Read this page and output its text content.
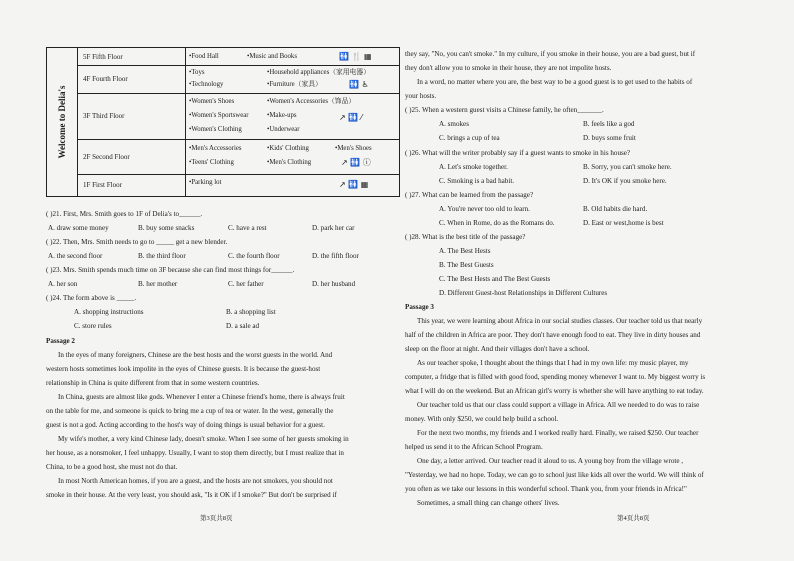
Welcome to Delia's
5F Fifth Floor	•Food Hall	•Music and Books	🚻 🍴 ▦
4F Fourth Floor
•Toys	•Household appliances（家用电器）
•Technology	•Furniture（家具）	🚻 ♿
3F Third Floor
•Women's Shoes	•Women's Accessories（饰品）
•Women's Sportswear	•Make-ups
•Women's Clothing	•Underwear
↗ 🚻 ⁄
2F Second Floor
•Men's Accessories	•Kids' Clothing	•Men's Shoes
•Teens' Clothing	•Men's Clothing	↗ 🚻 ⓘ
1F First Floor	•Parking lot	↗ 🚻 ▦
( )21. First, Mrs. Smith goes to 1F of Delia's to______.
A. draw some money	B. buy some snacks	C. have a rest	D. park her car
( )22. Then, Mrs. Smith needs to go to _____ get a new blender.
A. the second floor	B. the third floor	C. the fourth floor	D. the fifth floor
( )23. Mrs. Smith spends much time on 3F because she can find most things for______.
A. her son	B. her mother	C. her father	D. her husband
( )24. The form above is _____.
A. shopping instructions	B. a shopping list
C. store rules	D. a sale ad
Passage 2
In the eyes of many foreigners, Chinese are the best hosts and the worst guests in the world. And
western hosts sometimes look impolite in the eyes of Chinese guests. It is because the guest-host
relationship in China is quite different from that in some western countries.
In China, guests are almost like gods. Whenever I enter a Chinese friend's home, there is always fruit
on the table for me, and someone is quick to bring me a cup of tea or water. In the west, generally the
guest is not a god. Acting according to the host's way of doing things is usual behavior for a guest.
My wife's mother, a very kind Chinese lady, doesn't smoke. When I see some of her guests smoking in
her house, as a nonsmoker, I feel unhappy. Usually, I want to stop them directly, but I must realize that in
China, to be a good host, she must not do that.
In most North American homes, if you are a guest, and the hosts are not smokers, you should not
smoke in their house. At the very least, you should ask, "Is it OK if I smoke?" But don't be surprised if
第3页共8页
they say, "No, you can't smoke." In my culture, if you smoke in their house, you are a bad guest, but if
they don't allow you to smoke in their house, they are not impolite hosts.
In a word, no matter where you are, the best way to be a good guest is to get used to the habits of
your hosts.
( )25. When a western guest visits a Chinese family, he often_______.
A. smokes	B. feels like a god
C. brings a cup of tea	D. buys some fruit
( )26. What will the writer probably say if a guest wants to smoke in his house?
A. Let's smoke together.	B. Sorry, you can't smoke here.
C. Smoking is a bad habit.	D. It's OK if you smoke here.
( )27. What can be learned from the passage?
A. You're never too old to learn.	B. Old habits die hard.
C. When in Rome, do as the Romans do.	D. East or west,home is best
( )28. What is the best title of the passage?
A. The Best Hests
B. The Best Guests
C. The Best Hests and The Best Guests
D. Different Guest-host Relationships in Different Cultures
Passage 3
This year, we were learning about Africa in our social studies classes. Our teacher told us that nearly
half of the children in Africa are poor. They don't have enough food to eat. They live in dirty houses and
sleep on the floor at night. And their villages don't have a school.
As our teacher spoke, I thought about the things that I had in my own life: my music player, my
computer, a fridge that is filled with good food, spending money whenever I want to. My biggest worry is
what I will do on the weekend. But an African girl's worry is whether she will have anything to eat today.
Our teacher told us that our class could support a village in Africa. All we needed to do was to raise
money. With only $250, we could help build a school.
For the next two months, my friends and I worked really hard. Finally, we raised $250. Our teacher
helped us send it to the African School Program.
One day, a letter arrived. Our teacher read it aloud to us. A young boy from the village wrote ,
"Yesterday, we had no hope. Today, we can go to school just like kids all over the world. We will think of
you often as we take our lessons in this wonderful school. Thank you, from your friends in Africa!"
Sometimes, a small thing can change others' lives.
第4页共8页
